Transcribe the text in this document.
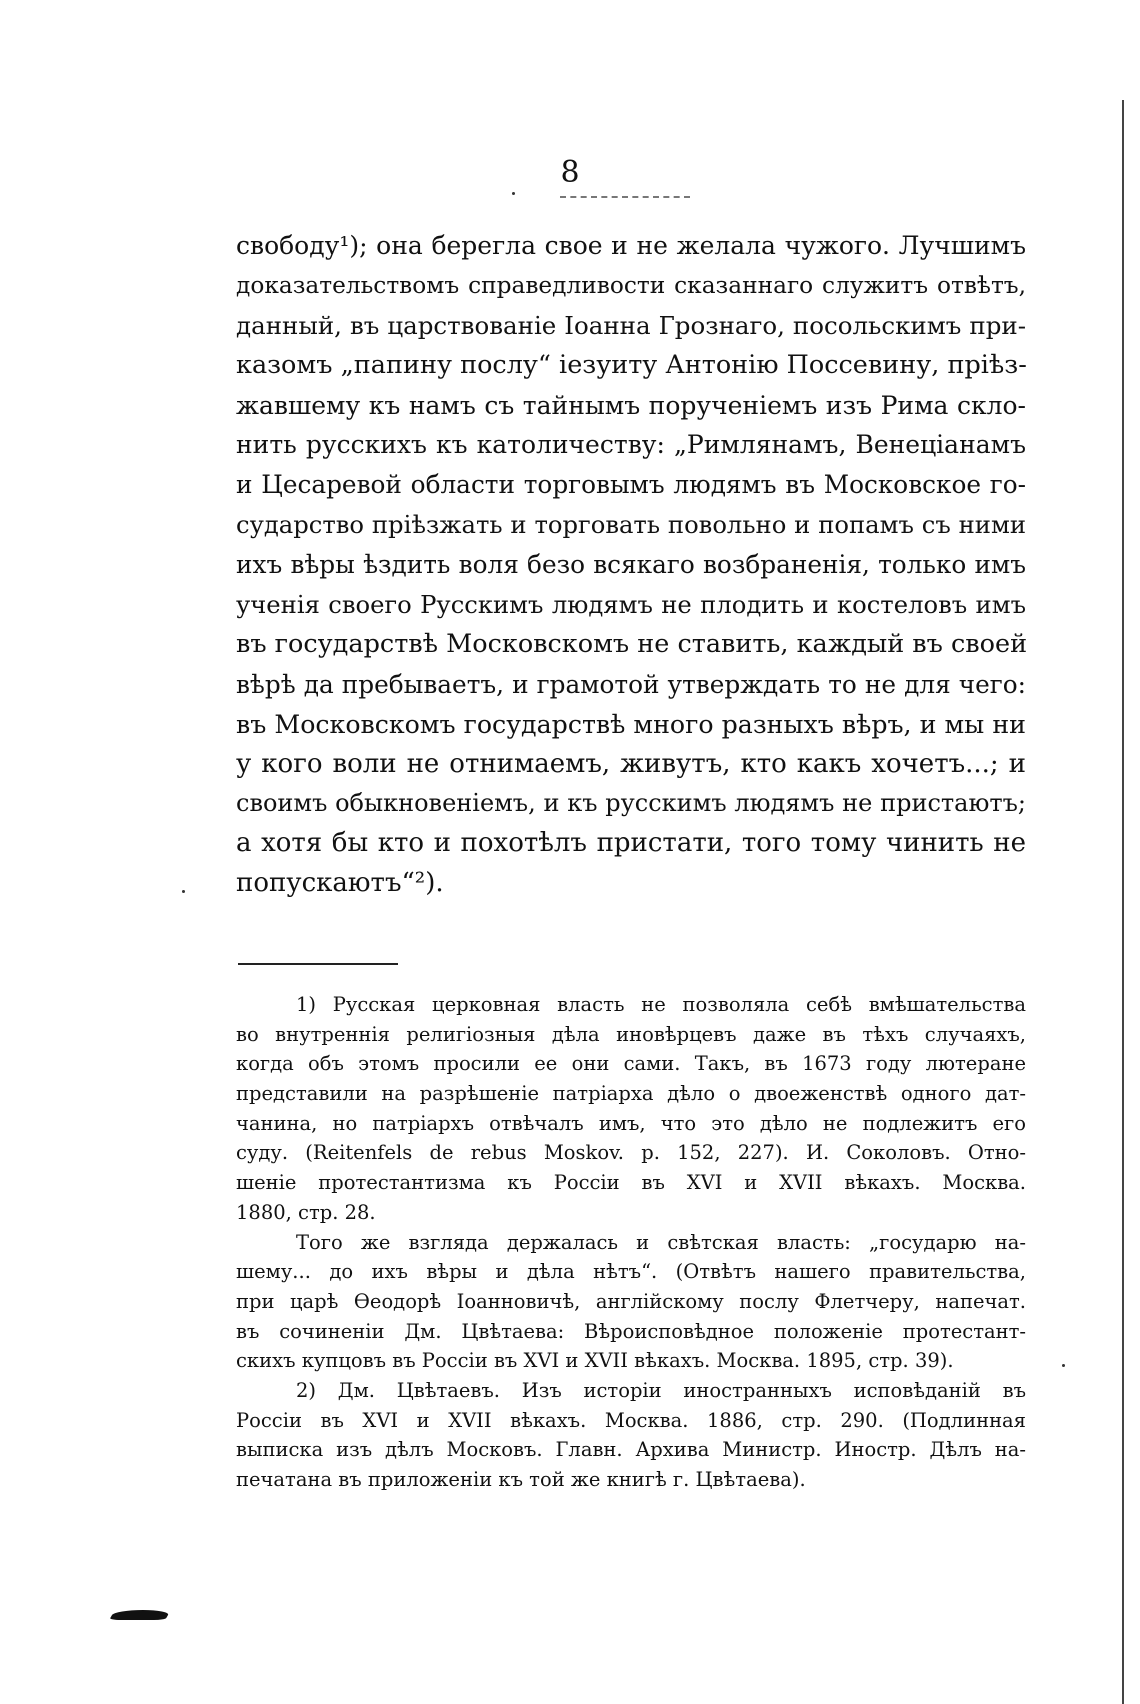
8
свободу¹); она берегла свое и не желала чужого. Лучшимъ
доказательствомъ справедливости сказаннаго служитъ отвѣтъ,
данный, въ царствованіе Іоанна Грознаго, посольскимъ при-
казомъ „папину послу“ іезуиту Антонію Поссевину, пріѣз-
жавшему къ намъ съ тайнымъ порученіемъ изъ Рима скло-
нить русскихъ къ католичеству: „Римлянамъ, Венеціанамъ
и Цесаревой области торговымъ людямъ въ Московское го-
сударство пріѣзжать и торговать повольно и попамъ съ ними
ихъ вѣры ѣздить воля безо всякаго возбраненія, только имъ
ученія своего Русскимъ людямъ не плодить и костеловъ имъ
въ государствѣ Московскомъ не ставить, каждый въ своей
вѣрѣ да пребываетъ, и грамотой утверждать то не для чего:
въ Московскомъ государствѣ много разныхъ вѣръ, и мы ни
у кого воли не отнимаемъ, живутъ, кто какъ хочетъ...; и
своимъ обыкновеніемъ, и къ русскимъ людямъ не пристаютъ;
а хотя бы кто и похотѣлъ пристати, того тому чинить не
попускаютъ“²).
1) Русская церковная власть не позволяла себѣ вмѣшательства
во внутреннія религіозныя дѣла иновѣрцевъ даже въ тѣхъ случаяхъ,
когда объ этомъ просили ее они сами. Такъ, въ 1673 году лютеране
представили на разрѣшеніе патріарха дѣло о двоеженствѣ одного дат-
чанина, но патріархъ отвѣчалъ имъ, что это дѣло не подлежитъ его
суду. (Reitenfels de rebus Moskov. p. 152, 227). И. Соколовъ. Отно-
шеніе протестантизма къ Россіи въ XVI и XVII вѣкахъ. Москва.
1880, стр. 28.
Того же взгляда держалась и свѣтская власть: „государю на-
шему... до ихъ вѣры и дѣла нѣтъ“. (Отвѣтъ нашего правительства,
при царѣ Ѳеодорѣ Іоанновичѣ, англійскому послу Флетчеру, напечат.
въ сочиненіи Дм. Цвѣтаева: Вѣроисповѣдное положеніе протестант-
скихъ купцовъ въ Россіи въ XVI и XVII вѣкахъ. Москва. 1895, стр. 39).
2) Дм. Цвѣтаевъ. Изъ исторіи иностранныхъ исповѣданій въ
Россіи въ XVI и XVII вѣкахъ. Москва. 1886, стр. 290. (Подлинная
выписка изъ дѣлъ Московъ. Главн. Архива Министр. Иностр. Дѣлъ на-
печатана въ приложеніи къ той же книгѣ г. Цвѣтаева).
